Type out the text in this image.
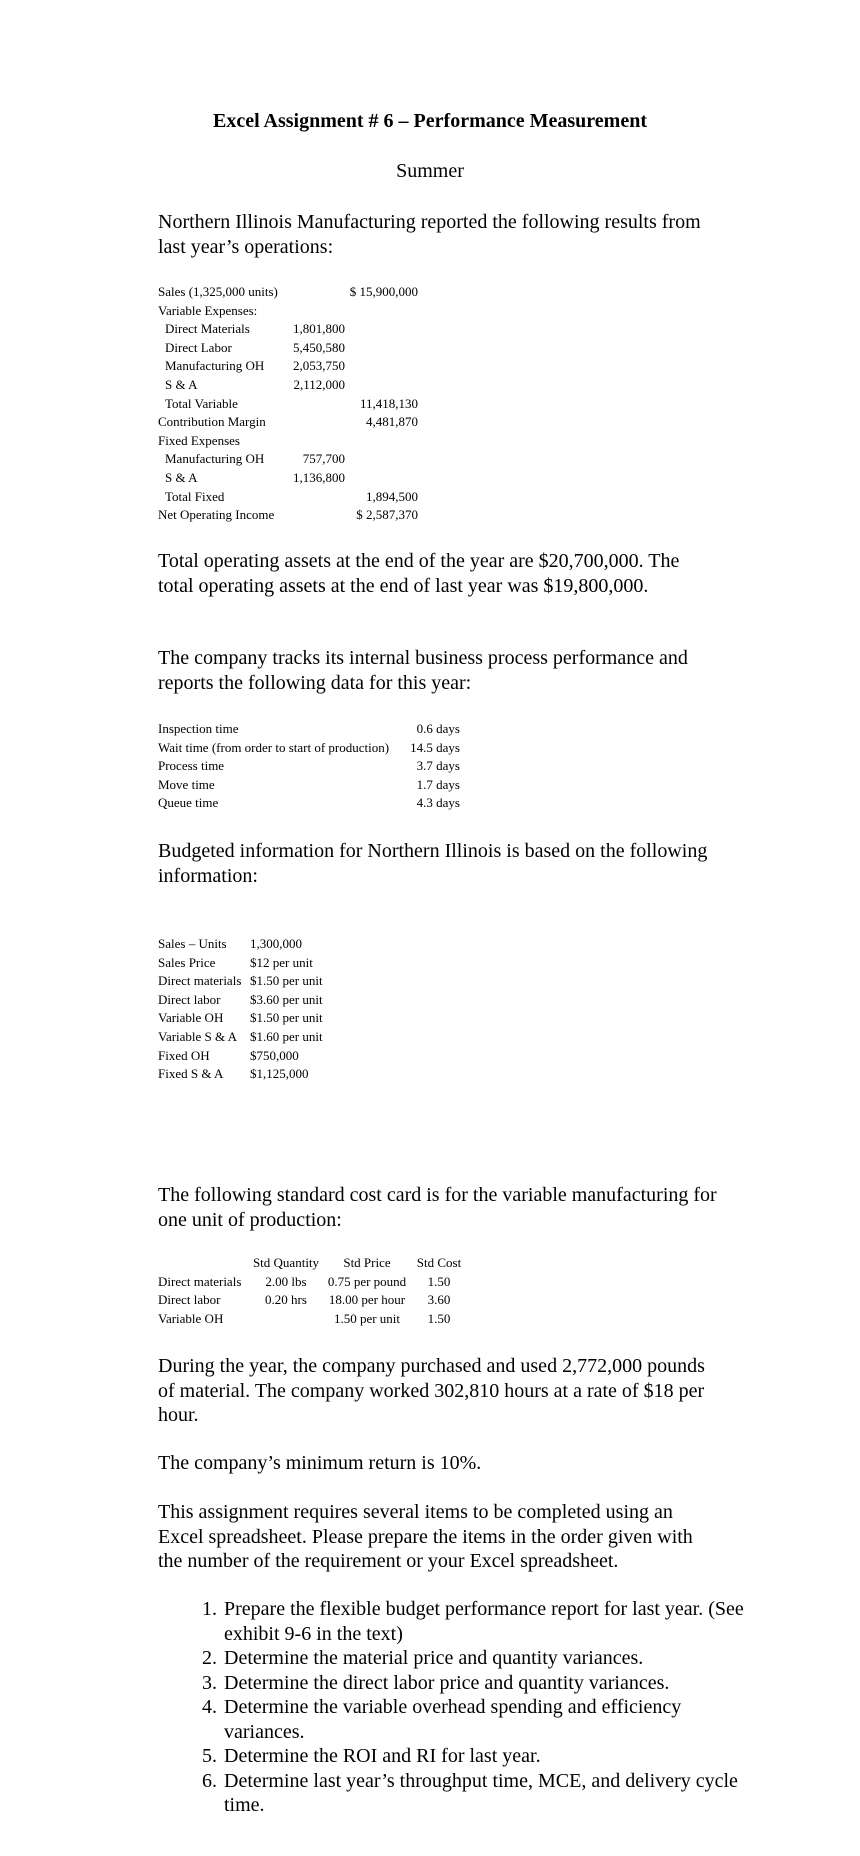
Excel Assignment # 6 – Performance Measurement
Summer
Northern Illinois Manufacturing reported the following results from last year’s operations:
Sales (1,325,000 units)		$ 15,900,000
Variable Expenses:		
Direct Materials	1,801,800	
Direct Labor	5,450,580	
Manufacturing OH	2,053,750	
S & A	2,112,000	
Total Variable		11,418,130
Contribution Margin		4,481,870
Fixed Expenses		
Manufacturing OH	757,700	
S & A	1,136,800	
Total Fixed		1,894,500
Net Operating Income		$ 2,587,370
Total operating assets at the end of the year are $20,700,000. The total operating assets at the end of last year was $19,800,000.
The company tracks its internal business process performance and reports the following data for this year:
Inspection time	0.6 days
Wait time (from order to start of production)	14.5 days
Process time	3.7 days
Move time	1.7 days
Queue time	4.3 days
Budgeted information for Northern Illinois is based on the following information:
Sales – Units	1,300,000
Sales Price	$12 per unit
Direct materials	$1.50 per unit
Direct labor	$3.60 per unit
Variable OH	$1.50 per unit
Variable S & A	$1.60 per unit
Fixed OH	$750,000
Fixed S & A	$1,125,000
The following standard cost card is for the variable manufacturing for one unit of production:
	Std Quantity	Std Price	Std Cost
Direct materials	2.00 lbs	0.75 per pound	1.50
Direct labor	0.20 hrs	18.00 per hour	3.60
Variable OH		1.50 per unit	1.50
During the year, the company purchased and used 2,772,000 pounds of material. The company worked 302,810 hours at a rate of $18 per hour.
The company’s minimum return is 10%.
This assignment requires several items to be completed using an Excel spreadsheet. Please prepare the items in the order given with the number of the requirement or your Excel spreadsheet.
1. Prepare the flexible budget performance report for last year. (See exhibit 9-6 in the text)
2. Determine the material price and quantity variances.
3. Determine the direct labor price and quantity variances.
4. Determine the variable overhead spending and efficiency variances.
5. Determine the ROI and RI for last year.
6. Determine last year’s throughput time, MCE, and delivery cycle time.
